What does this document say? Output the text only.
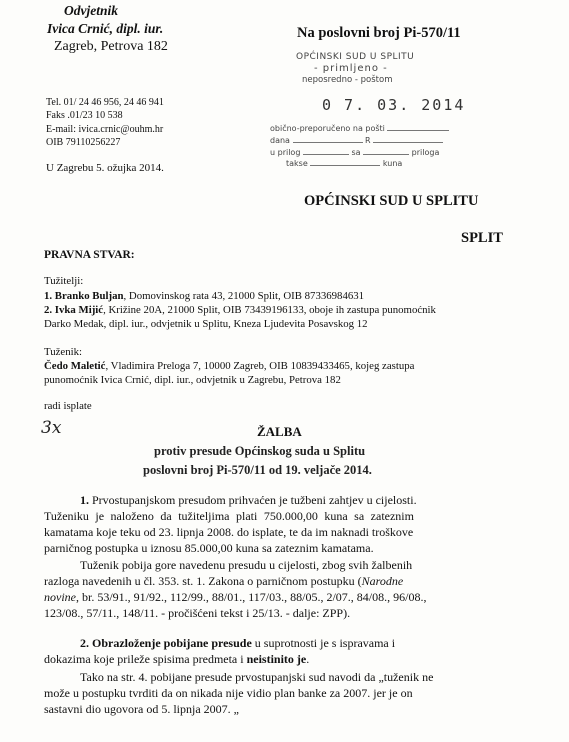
Odvjetnik
Ivica Crnić, dipl. iur.
Zagreb, Petrova 182
Tel. 01/ 24 46 956, 24 46 941
Faks .01/23 10 538
E-mail: ivica.crnic@ouhm.hr
OIB 79110256227
U Zagrebu 5. ožujka 2014.
Na poslovni broj Pi-570/11
OPĆINSKI SUD U SPLITU
- primljeno -
neposredno - poštom
0 7. 03. 2014
obično-preporučeno na pošti
dana	R
u prilog	sa	priloga
takse	kuna
OPĆINSKI SUD U SPLITU
SPLIT
PRAVNA STVAR:
Tužitelji:
1. Branko Buljan, Domovinskog rata 43, 21000 Split, OIB 87336984631
2. Ivka Mijić, Križine 20A, 21000 Split, OIB 73439196133, oboje ih zastupa punomoćnik
Darko Medak, dipl. iur., odvjetnik u Splitu, Kneza Ljudevita Posavskog 12
Tuženik:
Čedo Maletić, Vladimira Preloga 7, 10000 Zagreb, OIB 10839433465, kojeg zastupa
punomoćnik Ivica Crnić, dipl. iur., odvjetnik u Zagrebu, Petrova 182
radi isplate
3x	ŽALBA
protiv presude Općinskog suda u Splitu
poslovni broj Pi-570/11 od 19. veljače 2014.
1. Prvostupanjskom presudom prihvaćen je tužbeni zahtjev u cijelosti.
Tuženiku je naloženo da tužiteljima plati 750.000,00 kuna sa zateznim
kamatama koje teku od 23. lipnja 2008. do isplate, te da im naknadi troškove
parničnog postupka u iznosu 85.000,00 kuna sa zateznim kamatama.
Tuženik pobija gore navedenu presudu u cijelosti, zbog svih žalbenih
razloga navedenih u čl. 353. st. 1. Zakona o parničnom postupku (Narodne
novine, br. 53/91., 91/92., 112/99., 88/01., 117/03., 88/05., 2/07., 84/08., 96/08.,
123/08., 57/11., 148/11. - pročišćeni tekst i 25/13. - dalje: ZPP).
2. Obrazloženje pobijane presude u suprotnosti je s ispravama i
dokazima koje prileže spisima predmeta i neistinito je.
Tako na str. 4. pobijane presude prvostupanjski sud navodi da „tuženik ne
može u postupku tvrditi da on nikada nije vidio plan banke za 2007. jer je on
sastavni dio ugovora od 5. lipnja 2007. „
